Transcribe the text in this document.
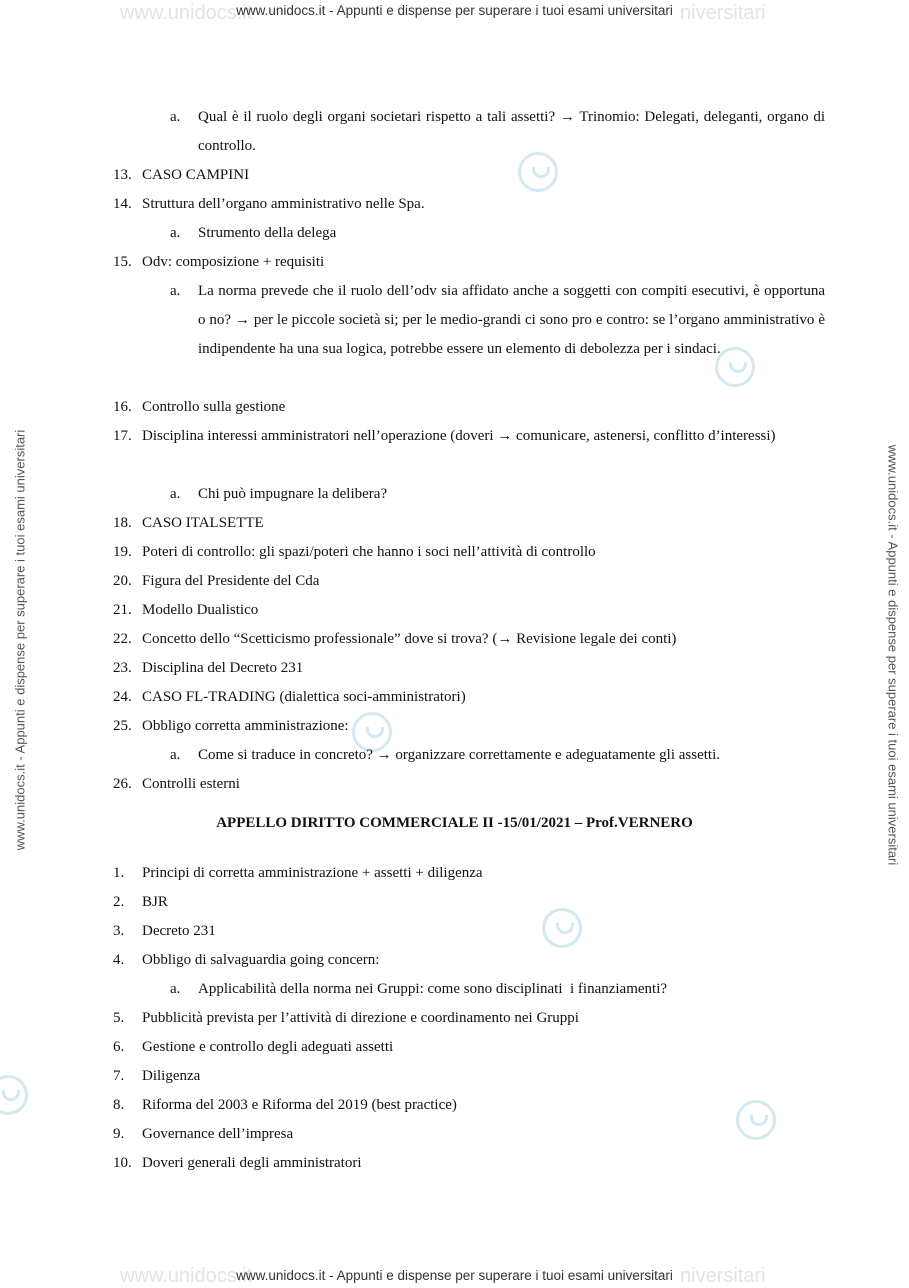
www.unidocs.it	niversitari
www.unidocs.it	niversitari
www.unidocs.it - Appunti e dispense per superare i tuoi esami universitari
www.unidocs.it - Appunti e dispense per superare i tuoi esami universitari
www.unidocs.it - Appunti e dispense per superare i tuoi esami universitari	www.unidocs.it - Appunti e dispense per superare i tuoi esami universitari
a. Qual è il ruolo degli organi societari rispetto a tali assetti? → Trinomio: Delegati, deleganti, organo di controllo.
13. CASO CAMPINI
14. Struttura dell’organo amministrativo nelle Spa.
a. Strumento della delega
15. Odv: composizione + requisiti
a. La norma prevede che il ruolo dell’odv sia affidato anche a soggetti con compiti esecutivi, è opportuna o no? → per le piccole società si; per le medio-grandi ci sono pro e contro: se l’organo amministrativo è indipendente ha una sua logica, potrebbe essere un elemento di debolezza per i sindaci.
16. Controllo sulla gestione
17. Disciplina interessi amministratori nell’operazione (doveri → comunicare, astenersi, conflitto d’interessi)
a. Chi può impugnare la delibera?
18. CASO ITALSETTE
19. Poteri di controllo: gli spazi/poteri che hanno i soci nell’attività di controllo
20. Figura del Presidente del Cda
21. Modello Dualistico
22. Concetto dello “Scetticismo professionale” dove si trova? (→ Revisione legale dei conti)
23. Disciplina del Decreto 231
24. CASO FL-TRADING (dialettica soci-amministratori)
25. Obbligo corretta amministrazione:
a. Come si traduce in concreto? → organizzare correttamente e adeguatamente gli assetti.
26. Controlli esterni
APPELLO DIRITTO COMMERCIALE II -15/01/2021 – Prof.VERNERO
1. Principi di corretta amministrazione + assetti + diligenza
2. BJR
3. Decreto 231
4. Obbligo di salvaguardia going concern:
a. Applicabilità della norma nei Gruppi: come sono disciplinati  i finanziamenti?
5. Pubblicità prevista per l’attività di direzione e coordinamento nei Gruppi
6. Gestione e controllo degli adeguati assetti
7. Diligenza
8. Riforma del 2003 e Riforma del 2019 (best practice)
9. Governance dell’impresa
10. Doveri generali degli amministratori
